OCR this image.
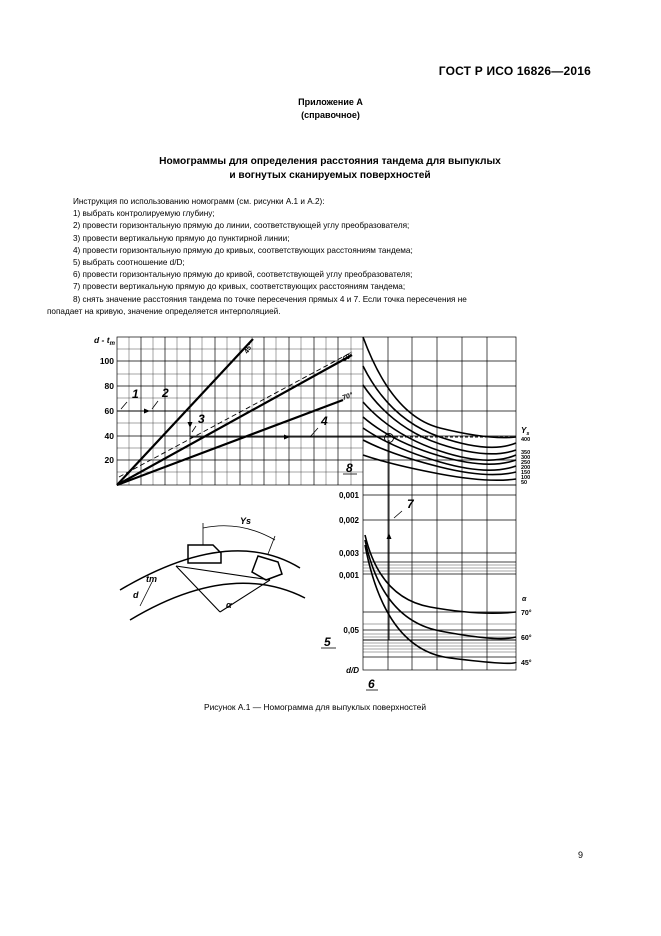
ГОСТ Р ИСО 16826—2016
Приложение А
(справочное)
Номограммы для определения расстояния тандема для выпуклых
и вогнутых сканируемых поверхностей

Инструкция по использованию номограмм (см. рисунки А.1 и А.2):

1) выбрать контролируемую глубину;

2) провести горизонтальную прямую до линии, соответствующей углу преобразователя;

3) провести вертикальную прямую до пунктирной линии;

4) провести горизонтальную прямую до кривых, соответствующих расстояниям тандема;

5) выбрать соотношение d/D;

6) провести горизонтальную прямую до кривой, соответствующей углу преобразователя;

7) провести вертикальную прямую до кривых, соответствующих расстояниям тандема;

8) снять значение расстояния тандема по точке пересечения прямых 4 и 7. Если точка пересечения не

попадает на кривую, значение определяется интерполяцией.

d - $t_m$
100
80
60
40
20
45°
60°
70°
$Y_s$
400
350
300
250
200
150
100
50
1 2
3	4
8
7
5
6
0,001
0,002
0,003
0,001
0,05
d/D
α
70°
60°
45°
Ys
tm
d
α
Рисунок А.1 — Номограмма для выпуклых поверхностей
9
